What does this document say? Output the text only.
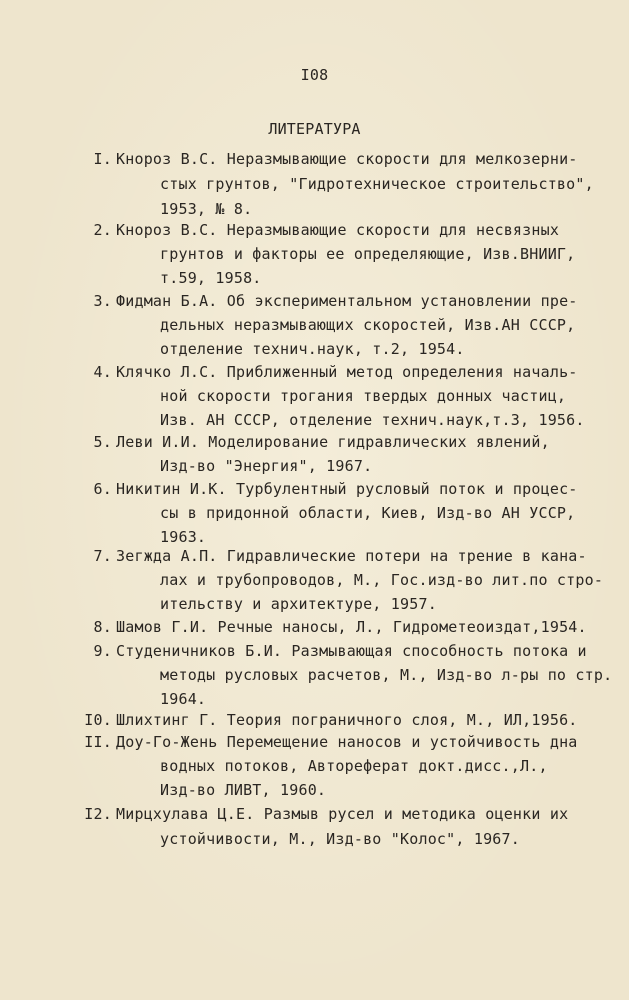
I08
ЛИТЕРАТУРА
I. Кнороз В.С. Неразмывающие скорости для мелкозерни-
стых грунтов, "Гидротехническое строительство",
1953, № 8.
2. Кнороз В.С. Неразмывающие скорости для несвязных
грунтов и факторы ее определяющие, Изв.ВНИИГ,
т.59, 1958.
3. Фидман Б.А. Об экспериментальном установлении пре-
дельных неразмывающих скоростей, Изв.АН СССР,
отделение технич.наук, т.2, 1954.
4. Клячко Л.С. Приближенный метод определения началь-
ной скорости трогания твердых донных частиц,
Изв. АН СССР, отделение технич.наук,т.3, 1956.
5. Леви И.И. Моделирование гидравлических явлений,
Изд-во "Энергия", 1967.
6. Никитин И.К. Турбулентный русловый поток и процес-
сы в придонной области, Киев, Изд-во АН УССР,
1963.
7. Зегжда А.П. Гидравлические потери на трение в кана-
лах и трубопроводов, М., Гос.изд-во лит.по стро-
ительству и архитектуре, 1957.
8. Шамов Г.И. Речные наносы, Л., Гидрометеоиздат,1954.
9. Студеничников Б.И. Размывающая способность потока и
методы русловых расчетов, М., Изд-во л-ры по стр.
1964.
I0. Шлихтинг Г. Теория пограничного слоя, М., ИЛ,1956.
II. Доу-Го-Жень Перемещение наносов и устойчивость дна
водных потоков, Автореферат докт.дисс.,Л.,
Изд-во ЛИВТ, 1960.
I2. Мирцхулава Ц.Е. Размыв русел и методика оценки их
устойчивости, М., Изд-во "Колос", 1967.
